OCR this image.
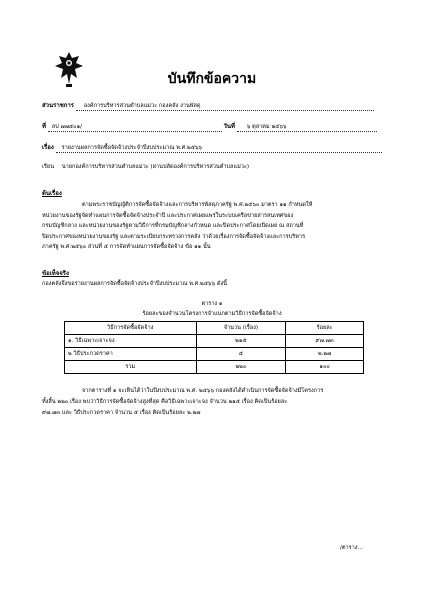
บันทึกข้อความ
ส่วนราชการ องค์การบริหารส่วนตำบลแม่วะ กองคลัง งานพัสดุ
ที่ ลป ๗๗๕๐๑/	วันที่ ๖ ตุลาคม ๒๕๖๖
เรื่อง รายงานผลการจัดซื้อจัดจ้างประจำปีงบประมาณ พ.ศ.๒๕๖๖
เรียน นายกองค์การบริหารส่วนตำบลแม่วะ (ผ่านปลัดองค์การบริหารส่วนตำบลแม่วะ)
ต้นเรื่อง
ตามพระราชบัญญัติการจัดซื้อจัดจ้างและการบริหารพัสดุภาครัฐ พ.ศ.๒๕๖๐ มาตรา ๑๑ กำหนดให้
หน่วยงานของรัฐจัดทำแผนการจัดซื้อจัดจ้างประจำปี และประกาศเผยแพร่ในระบบเครือข่ายสารสนเทศของ
กรมบัญชีกลาง และหน่วยงานของรัฐตามวิธีการที่กรมบัญชีกลางกำหนด และปิดประกาศโดยเปิดเผย ณ สถานที่
ปิดประกาศของหน่วยงานของรัฐ และตามระเบียบกระทรวงการคลัง ว่าด้วยเรื่องการจัดซื้อจัดจ้างและการบริหาร
ภาครัฐ พ.ศ.๒๕๖๐ ส่วนที่ ๕ การจัดทำแผนการจัดซื้อจัดจ้าง ข้อ ๑๑ นั้น
ข้อเท็จจริง
กองคลังจึงขอรายงานผลการจัดซื้อจัดจ้างประจำปีงบประมาณ พ.ศ.๒๕๖๖ ดังนี้
ตาราง ๑
ร้อยละของจำนวนโครงการจำแนกตามวิธีการจัดซื้อจัดจ้าง
วิธีการจัดซื้อจัดจ้าง	จำนวน (เรื่อง)	ร้อยละ
๑. วิธีเฉพาะเจาะจง	๒๑๕	๙๗.๗๓
๒ วิธีประกวดราคา	๕	๒.๒๗
รวม	๒๒๐	๑๐๐
จากตารางที่ ๑ จะเห็นได้ว่าในปีงบประมาณ พ.ศ. ๒๕๖๖ กองคลังได้ดำเนินการจัดซื้อจัดจ้างมีโครงการ
ทั้งสิ้น ๒๒๐ เรื่อง พบว่าวิธีการจัดซื้อจัดจ้างสูงที่สุด คือวิธีเฉพาะเจาะจง จำนวน ๒๑๕ เรื่อง คิดเป็นร้อยละ
๙๗.๗๓ และ วิธีประกวดราคา จำนวน ๕ เรื่อง คิดเป็นร้อยละ ๒.๒๗
/ตาราง...
